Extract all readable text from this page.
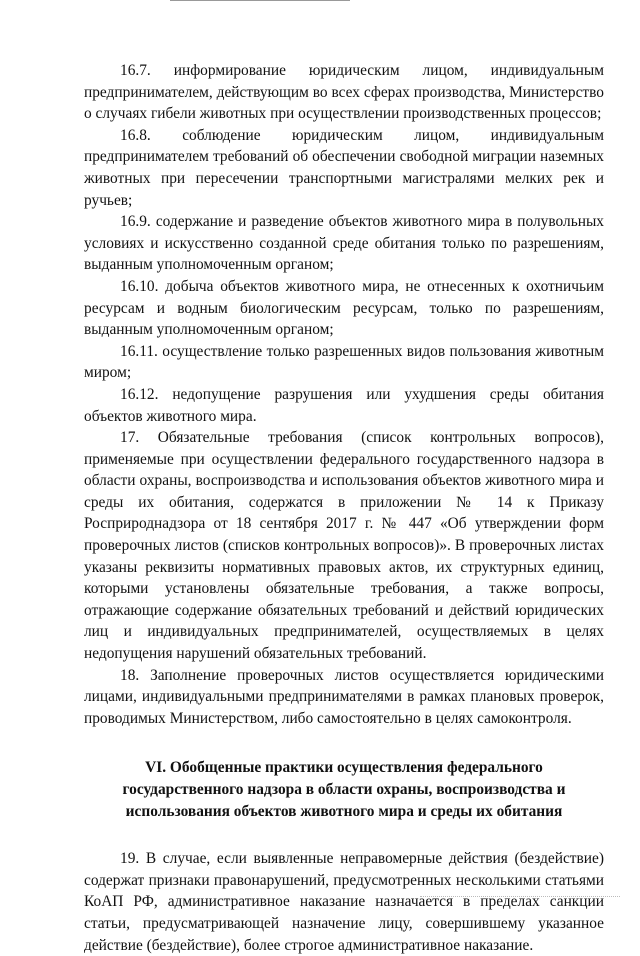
16.7. информирование юридическим лицом, индивидуальным предпринимателем, действующим во всех сферах производства, Министерство о случаях гибели животных при осуществлении производственных процессов;

16.8. соблюдение юридическим лицом, индивидуальным предпринимателем требований об обеспечении свободной миграции наземных животных при пересечении транспортными магистралями мелких рек и ручьев;

16.9. содержание и разведение объектов животного мира в полувольных условиях и искусственно созданной среде обитания только по разрешениям, выданным уполномоченным органом;

16.10. добыча объектов животного мира, не отнесенных к охотничьим ресурсам и водным биологическим ресурсам, только по разрешениям, выданным уполномоченным органом;

16.11. осуществление только разрешенных видов пользования животным миром;

16.12. недопущение разрушения или ухудшения среды обитания объектов животного мира.

17. Обязательные требования (список контрольных вопросов), применяемые при осуществлении федерального государственного надзора в области охраны, воспроизводства и использования объектов животного мира и среды их обитания, содержатся в приложении № 14 к Приказу Росприроднадзора от 18 сентября 2017 г. № 447 «Об утверждении форм проверочных листов (списков контрольных вопросов)». В проверочных листах указаны реквизиты нормативных правовых актов, их структурных единиц, которыми установлены обязательные требования, а также вопросы, отражающие содержание обязательных требований и действий юридических лиц и индивидуальных предпринимателей, осуществляемых в целях недопущения нарушений обязательных требований.

18. Заполнение проверочных листов осуществляется юридическими лицами, индивидуальными предпринимателями в рамках плановых проверок, проводимых Министерством, либо самостоятельно в целях самоконтроля.

VI. Обобщенные практики осуществления федерального государственного надзора в области охраны, воспроизводства и использования объектов животного мира и среды их обитания

19. В случае, если выявленные неправомерные действия (бездействие) содержат признаки правонарушений, предусмотренных несколькими статьями КоАП РФ, административное наказание назначается в пределах санкции статьи, предусматривающей назначение лицу, совершившему указанное действие (бездействие), более строгое административное наказание.
